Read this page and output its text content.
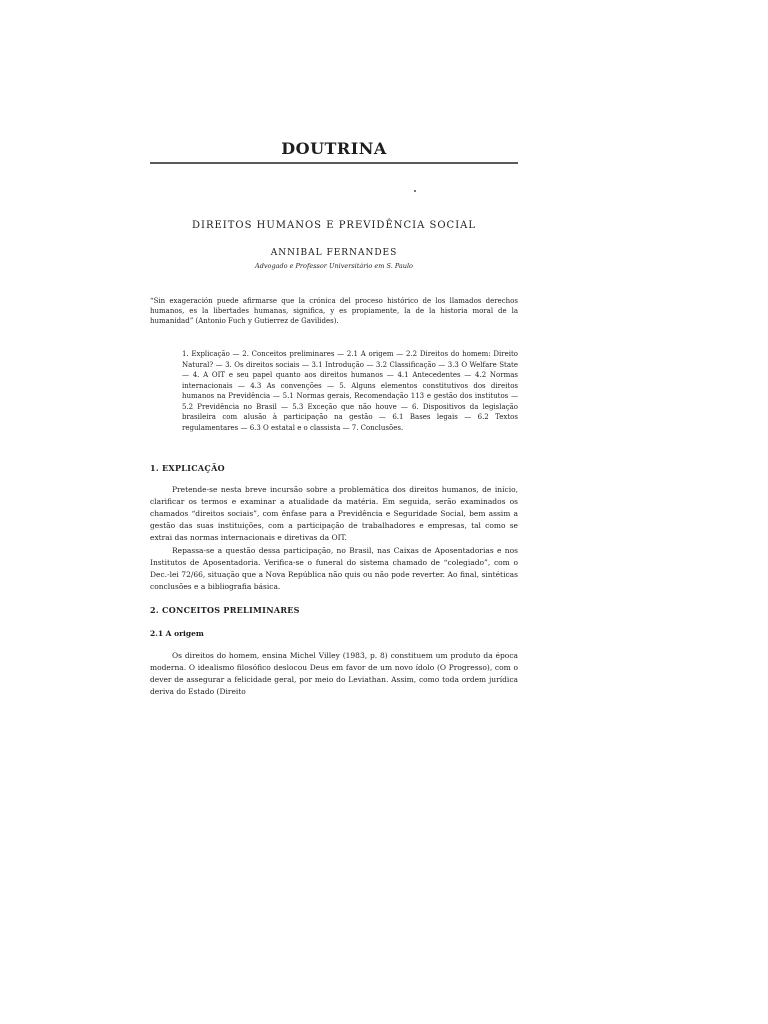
DOUTRINA
DIREITOS HUMANOS E PREVIDÊNCIA SOCIAL
ANNIBAL FERNANDES
Advogado e Professor Universitário em S. Paulo
“Sin exageración puede afirmarse que la crónica del proceso histórico de los llamados derechos humanos, es la libertades humanas, significa, y es propiamente, la de la historia moral de la humanidad” (Antonio Fuch y Gutierrez de Gavilides).
1. Explicação — 2. Conceitos preliminares — 2.1 A origem — 2.2 Direitos do homem: Direito Natural? — 3. Os direitos sociais — 3.1 Introdução — 3.2 Classificação — 3.3 O Welfare State — 4. A OIT e seu papel quanto aos direitos humanos — 4.1 Antecedentes — 4.2 Normas internacionais — 4.3 As convenções — 5. Alguns elementos constitutivos dos direitos humanos na Previdência — 5.1 Normas gerais, Recomendação 113 e gestão dos institutos — 5.2 Previdência no Brasil — 5.3 Exceção que não houve — 6. Dispositivos da legislação brasileira com alusão à participação na gestão — 6.1 Bases legais — 6.2 Textos regulamentares — 6.3 O estatal e o classista — 7. Conclusões.
1. EXPLICAÇÃO
Pretende-se nesta breve incursão sobre a problemática dos direitos humanos, de início, clarificar os termos e examinar a atualidade da matéria. Em seguida, serão examinados os chamados “direitos sociais”, com ênfase para a Previdência e Seguridade Social, bem assim a gestão das suas instituições, com a participação de trabalhadores e empresas, tal como se extrai das normas internacionais e diretivas da OIT.
Repassa-se a questão dessa participação, no Brasil, nas Caixas de Aposentadorias e nos Institutos de Aposentadoria. Verifica-se o funeral do sistema chamado de “colegiado”, com o Dec.-lei 72/66, situação que a Nova República não quis ou não pode reverter. Ao final, sintéticas conclusões e a bibliografia básica.
2. CONCEITOS PRELIMINARES
2.1 A origem
Os direitos do homem, ensina Michel Villey (1983, p. 8) constituem um produto da época moderna. O idealismo filosófico deslocou Deus em favor de um novo ídolo (O Progresso), com o dever de assegurar a felicidade geral, por meio do Leviathan. Assim, como toda ordem jurídica deriva do Estado (Direito
